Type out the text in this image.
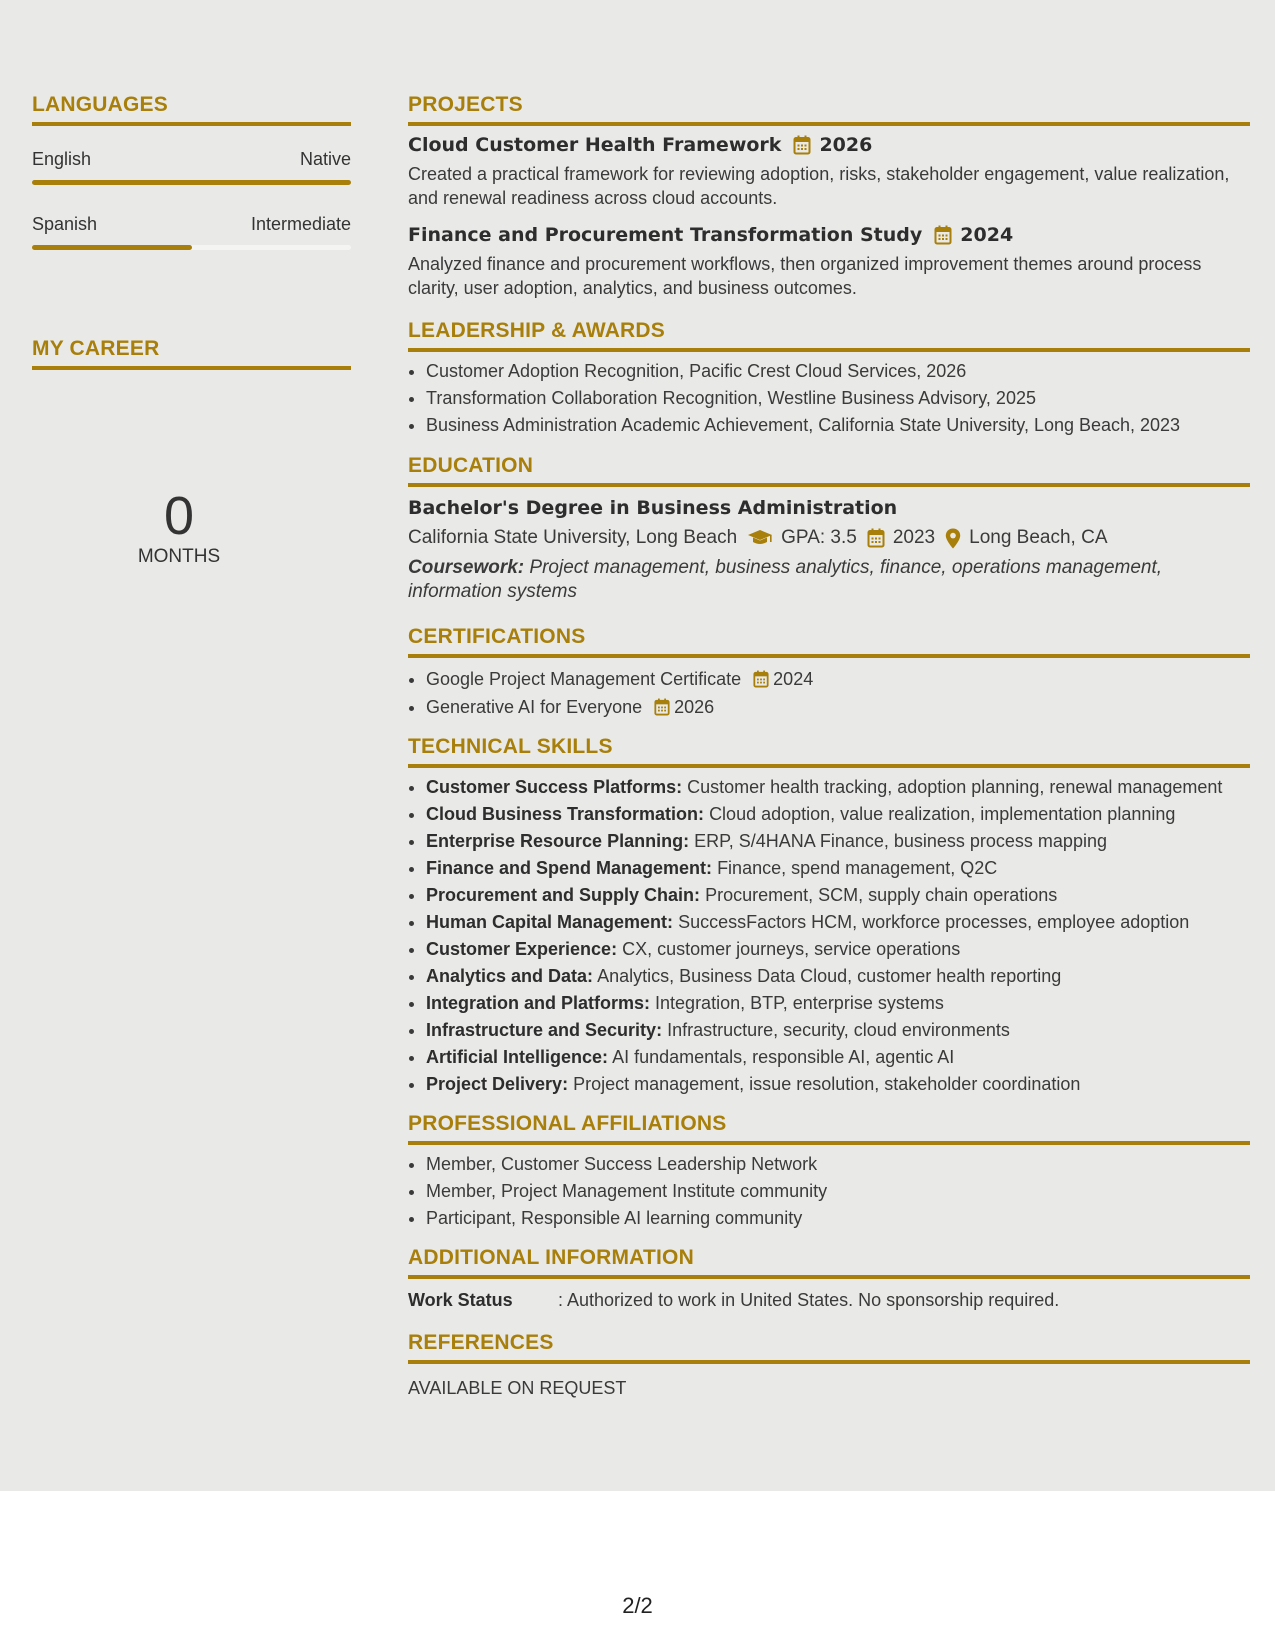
LANGUAGES
English	Native
Spanish	Intermediate
MY CAREER
0
MONTHS
PROJECTS
Cloud Customer Health Framework 2026
Created a practical framework for reviewing adoption, risks, stakeholder engagement, value realization, and renewal readiness across cloud accounts.
Finance and Procurement Transformation Study 2024
Analyzed finance and procurement workflows, then organized improvement themes around process clarity, user adoption, analytics, and business outcomes.
LEADERSHIP & AWARDS
• Customer Adoption Recognition, Pacific Crest Cloud Services, 2026
• Transformation Collaboration Recognition, Westline Business Advisory, 2025
• Business Administration Academic Achievement, California State University, Long Beach, 2023
EDUCATION
Bachelor's Degree in Business Administration
California State University, Long Beach GPA: 3.5 2023 Long Beach, CA
Coursework: Project management, business analytics, finance, operations management, information systems
CERTIFICATIONS
• Google Project Management Certificate 2024
• Generative AI for Everyone 2026
TECHNICAL SKILLS
• Customer Success Platforms: Customer health tracking, adoption planning, renewal management
• Cloud Business Transformation: Cloud adoption, value realization, implementation planning
• Enterprise Resource Planning: ERP, S/4HANA Finance, business process mapping
• Finance and Spend Management: Finance, spend management, Q2C
• Procurement and Supply Chain: Procurement, SCM, supply chain operations
• Human Capital Management: SuccessFactors HCM, workforce processes, employee adoption
• Customer Experience: CX, customer journeys, service operations
• Analytics and Data: Analytics, Business Data Cloud, customer health reporting
• Integration and Platforms: Integration, BTP, enterprise systems
• Infrastructure and Security: Infrastructure, security, cloud environments
• Artificial Intelligence: AI fundamentals, responsible AI, agentic AI
• Project Delivery: Project management, issue resolution, stakeholder coordination
PROFESSIONAL AFFILIATIONS
• Member, Customer Success Leadership Network
• Member, Project Management Institute community
• Participant, Responsible AI learning community
ADDITIONAL INFORMATION
Work Status	: Authorized to work in United States. No sponsorship required.
REFERENCES
AVAILABLE ON REQUEST
2/2
